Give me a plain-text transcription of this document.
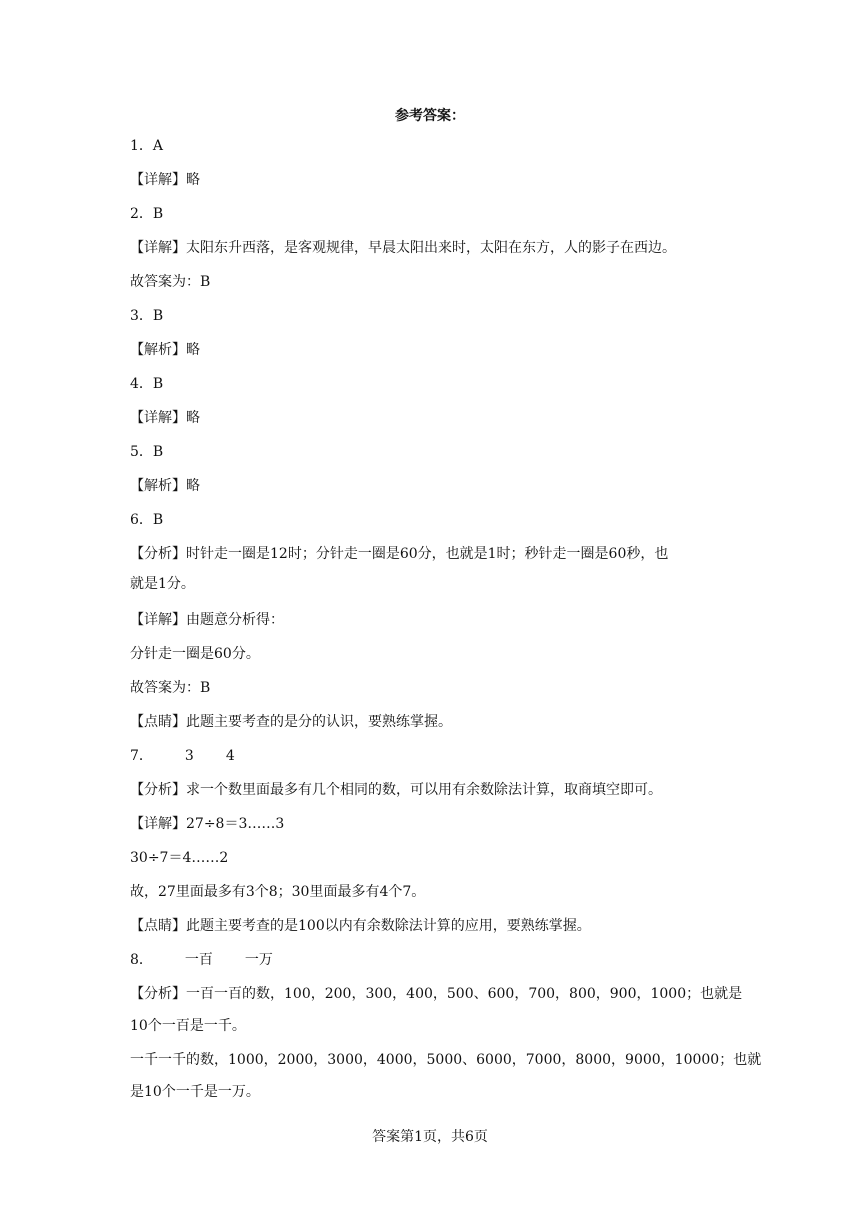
参考答案：
1．A
【详解】略
2．B
【详解】太阳东升西落，是客观规律，早晨太阳出来时，太阳在东方，人的影子在西边。
故答案为：B
3．B
【解析】略
4．B
【详解】略
5．B
【解析】略
6．B
【分析】时针走一圈是12时；分针走一圈是60分，也就是1时；秒针走一圈是60秒，也
就是1分。
【详解】由题意分析得：
分针走一圈是60分。
故答案为：B
【点睛】此题主要考查的是分的认识，要熟练掌握。
7． 3 4
【分析】求一个数里面最多有几个相同的数，可以用有余数除法计算，取商填空即可。
【详解】27÷8＝3……3
30÷7＝4……2
故，27里面最多有3个8；30里面最多有4个7。
【点睛】此题主要考查的是100以内有余数除法计算的应用，要熟练掌握。
8． 一百 一万
【分析】一百一百的数，100，200，300，400，500、600，700，800，900，1000；也就是
10个一百是一千。
一千一千的数，1000，2000，3000，4000，5000、6000，7000，8000，9000，10000；也就
是10个一千是一万。
答案第1页，共6页
